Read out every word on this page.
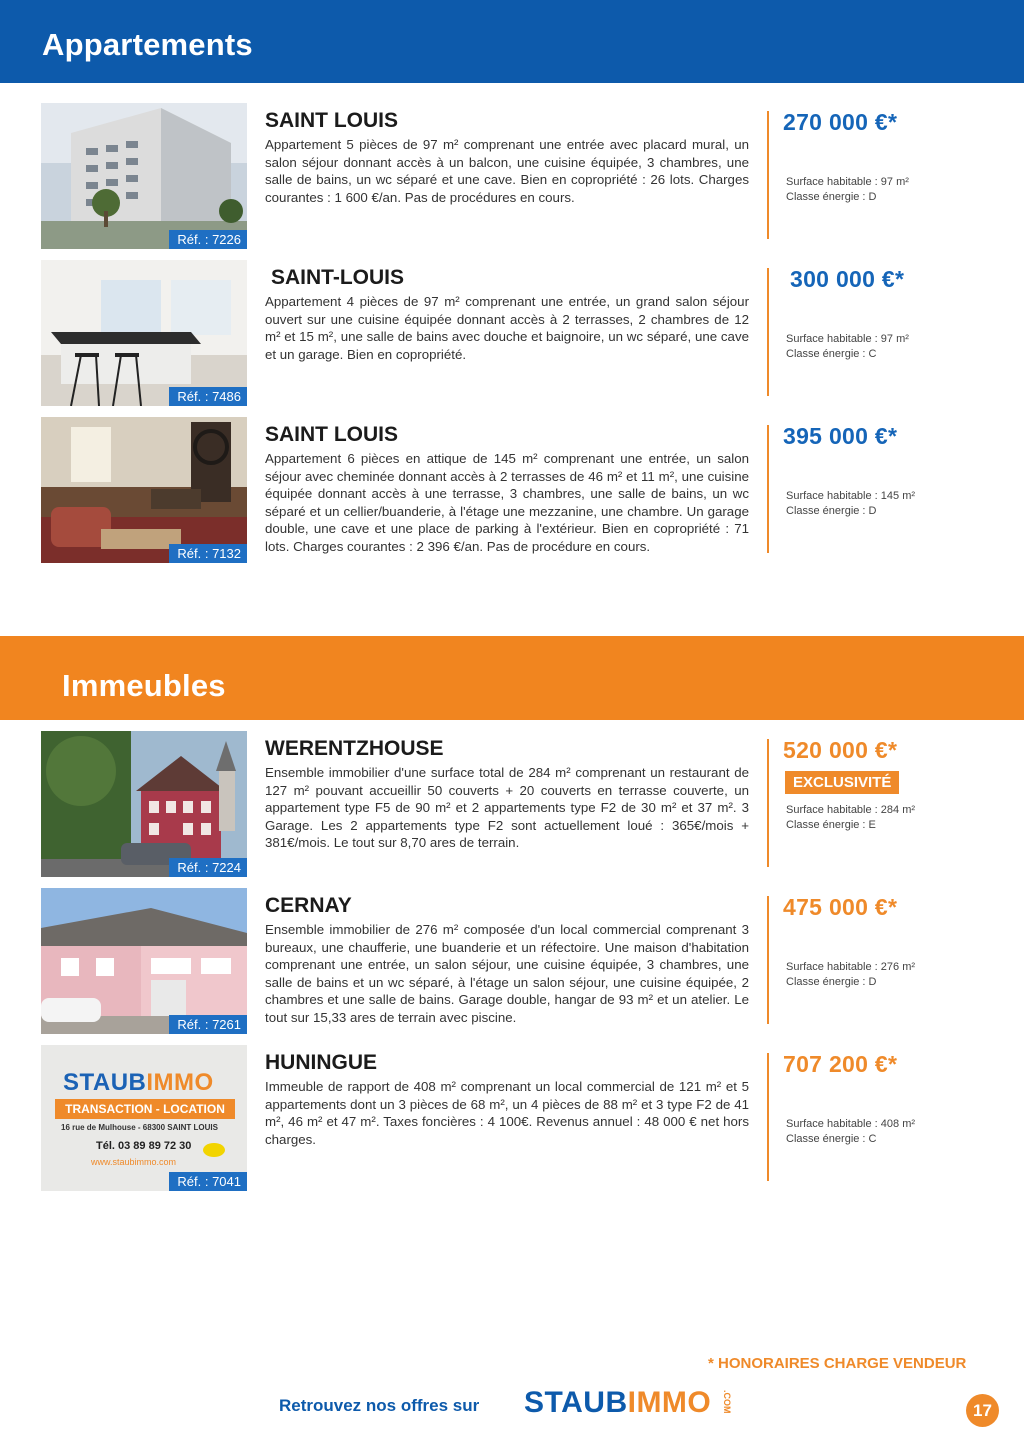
Appartements
Réf. : 7226
SAINT LOUIS
Appartement 5 pièces de 97 m² comprenant une entrée avec placard mural, un salon séjour donnant accès à un balcon, une cuisine équipée, 3 chambres, une salle de bains, un wc séparé et une cave. Bien en copropriété : 26 lots. Charges courantes : 1 600 €/an. Pas de procédures en cours.
270 000 €*
Surface habitable : 97 m²
Classe énergie : D
Réf. : 7486
SAINT-LOUIS
Appartement 4 pièces de 97 m² comprenant une entrée, un grand salon séjour ouvert sur une cuisine équipée donnant accès à 2 terrasses, 2 chambres de 12 m² et 15 m², une salle de bains avec douche et baignoire, un wc séparé, une cave et un garage. Bien en copropriété.
300 000 €*
Surface habitable : 97 m²
Classe énergie : C
Réf. : 7132
SAINT LOUIS
Appartement 6 pièces en attique de 145 m² comprenant une entrée, un salon séjour avec cheminée donnant accès à 2 terrasses de 46 m² et 11 m², une cuisine équipée donnant accès à une terrasse, 3 chambres, une salle de bains, un wc séparé et un cellier/buanderie, à l'étage une mezzanine, une chambre. Un garage double, une cave et une place de parking à l'extérieur. Bien en copropriété : 71 lots. Charges courantes : 2 396 €/an. Pas de procédure en cours.
395 000 €*
Surface habitable : 145 m²
Classe énergie : D
Immeubles
Réf. : 7224
WERENTZHOUSE
Ensemble immobilier d'une surface total de 284 m² comprenant un restaurant de 127 m² pouvant accueillir 50 couverts + 20 couverts en terrasse couverte, un appartement type F5 de 90 m² et 2 appartements type F2 de 30 m² et 37 m². 3 Garage. Les 2 appartements type F2 sont actuellement loué : 365€/mois + 381€/mois. Le tout sur 8,70 ares de terrain.
520 000 €*
EXCLUSIVITÉ
Surface habitable : 284 m²
Classe énergie : E
Réf. : 7261
CERNAY
Ensemble immobilier de 276 m² composée d'un local commercial comprenant 3 bureaux, une chaufferie, une buanderie et un réfectoire. Une maison d'habitation comprenant une entrée, un salon séjour, une cuisine équipée, 3 chambres, une salle de bains et un wc séparé, à l'étage un salon séjour, une cuisine équipée, 2 chambres et une salle de bains. Garage double, hangar de 93 m² et un atelier. Le tout sur 15,33 ares de terrain avec piscine.
475 000 €*
Surface habitable : 276 m²
Classe énergie : D
STAUBIMMO
TRANSACTION - LOCATION
16 rue de Mulhouse - 68300 SAINT LOUIS
Tél. 03 89 89 72 30
www.staubimmo.com
Réf. : 7041
HUNINGUE
Immeuble de rapport de 408 m² comprenant un local commercial de 121 m² et 5 appartements dont un 3 pièces de 68 m², un 4 pièces de 88 m² et 3 type F2 de 41 m², 46 m² et 47 m². Taxes foncières : 4 100€. Revenus annuel : 48 000 € net hors charges.
707 200 €*
Surface habitable : 408 m²
Classe énergie : C
* HONORAIRES CHARGE VENDEUR
Retrouvez nos offres sur STAUBIMMO .COM	17
